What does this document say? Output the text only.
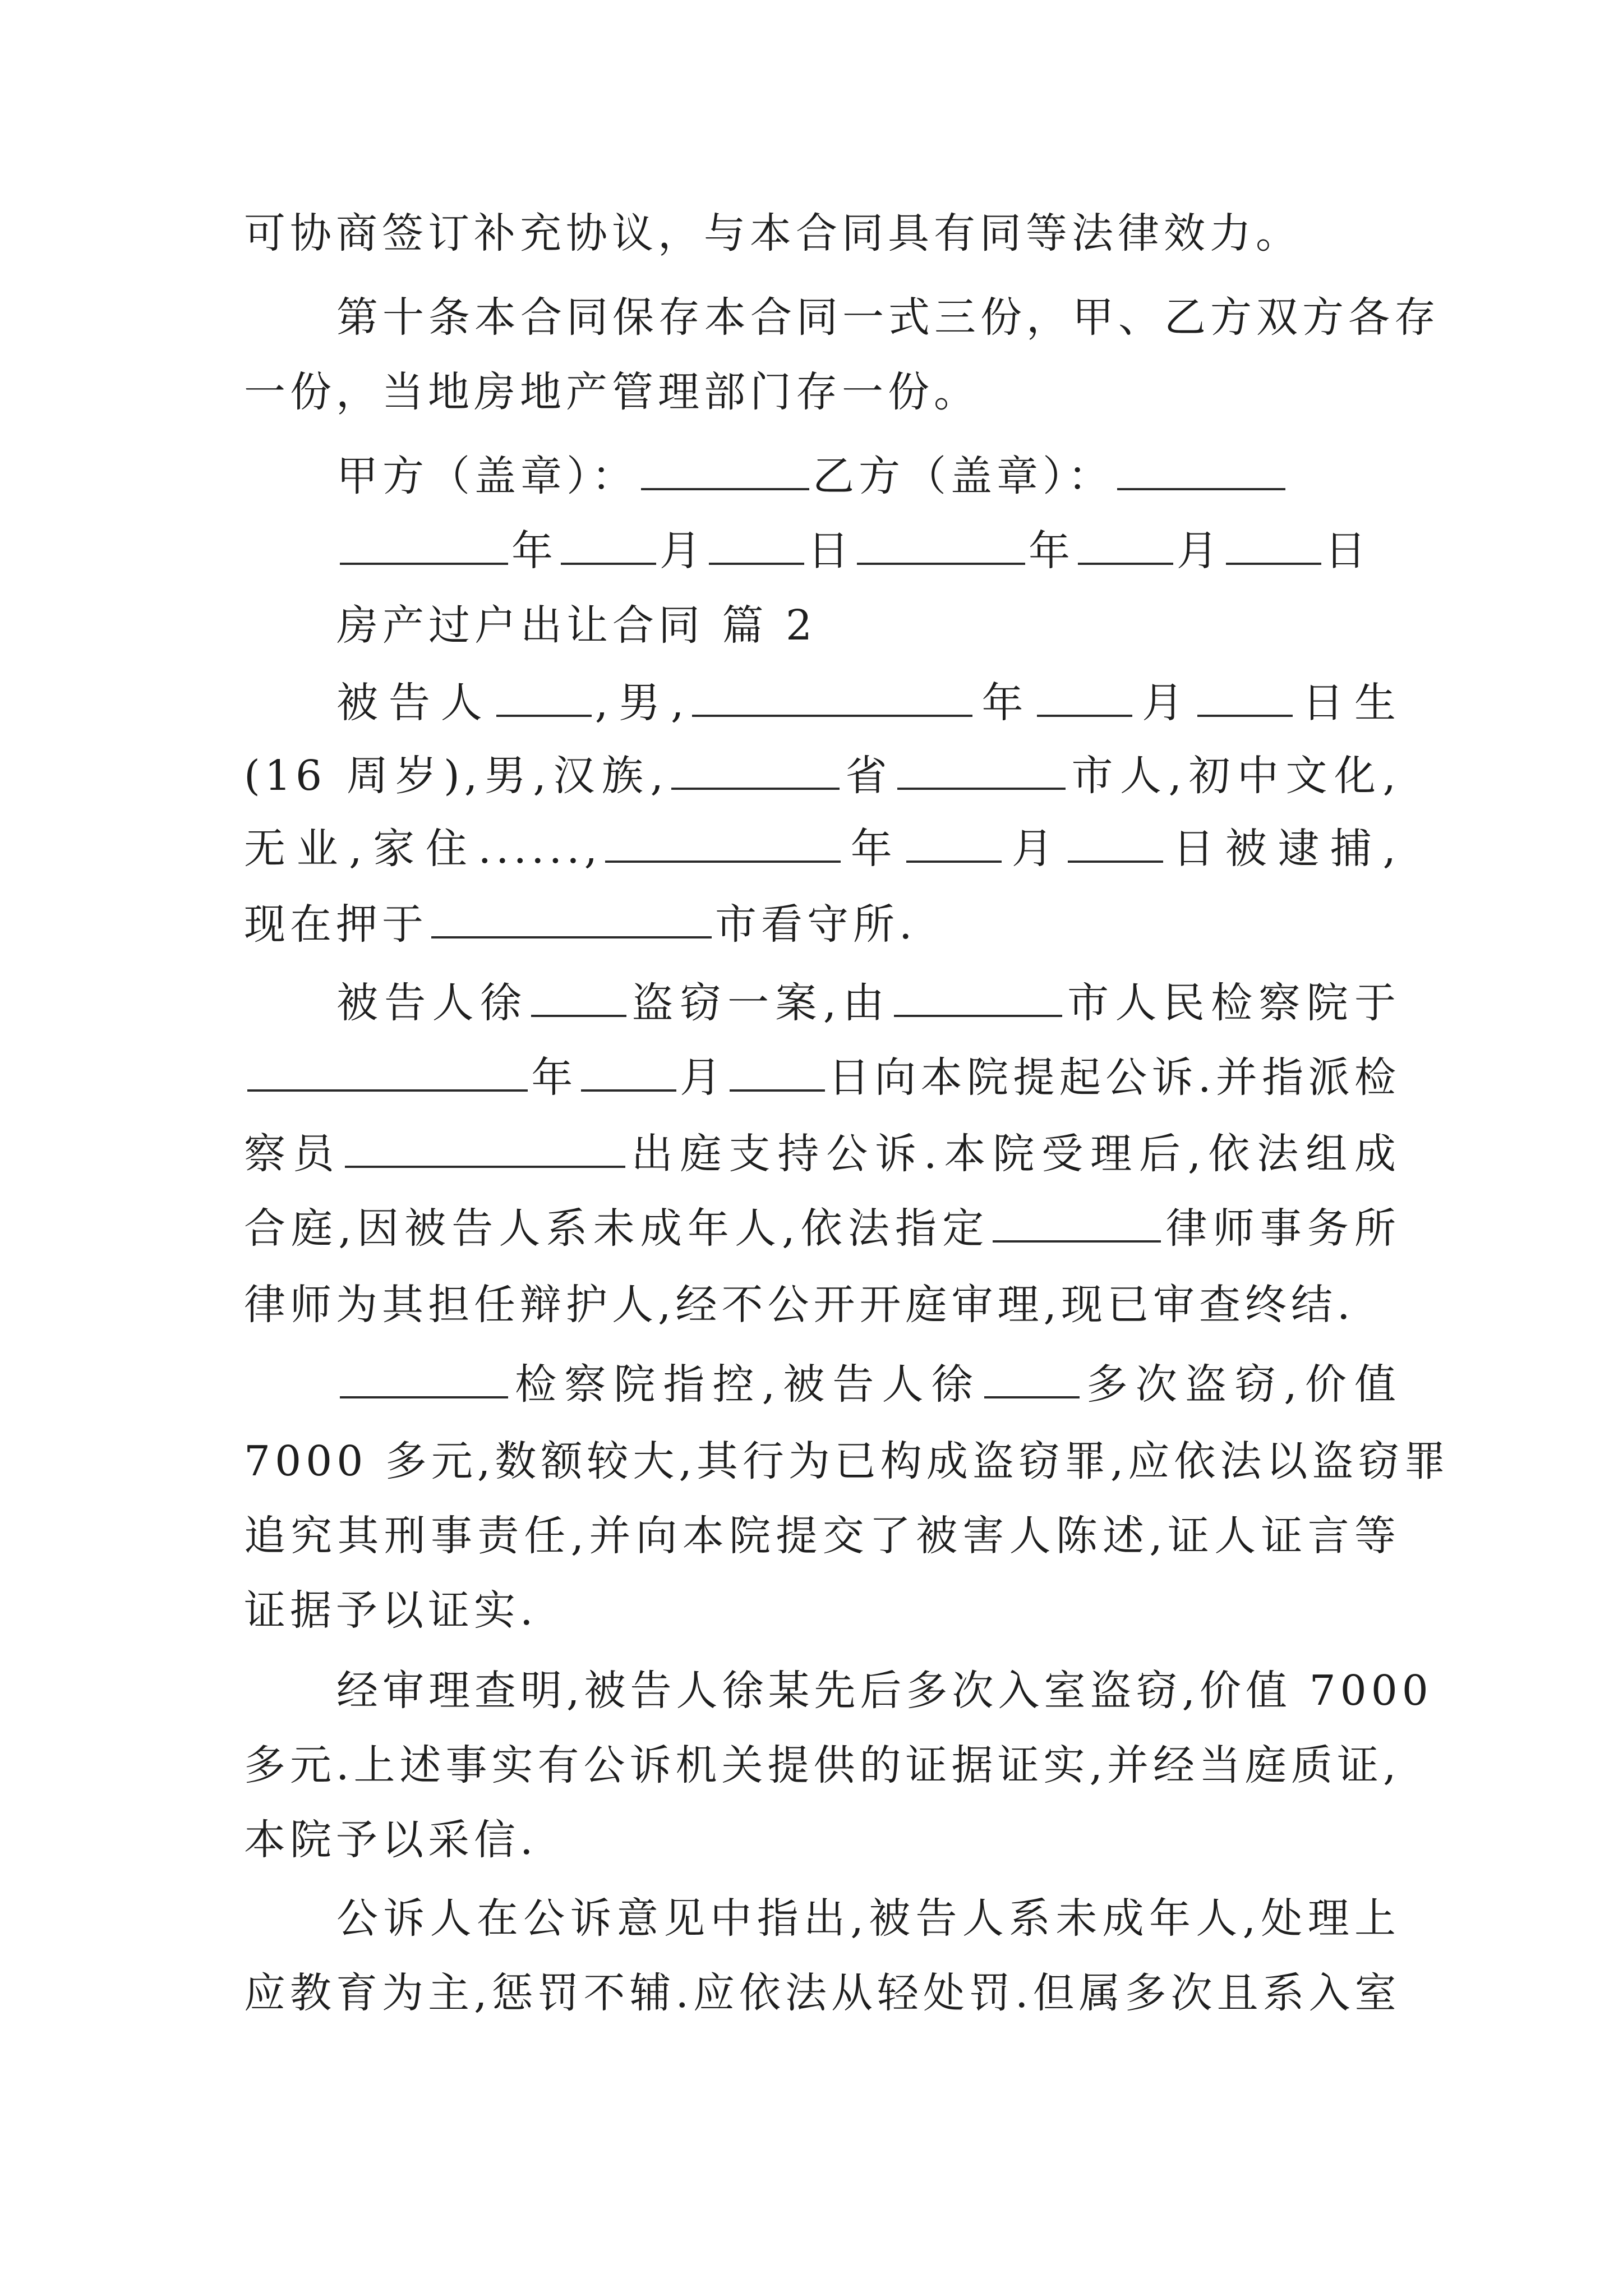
可协商签订补充协议，与本合同具有同等法律效力。
第十条本合同保存本合同一式三份，甲、乙方双方各存
一份，当地房地产管理部门存一份。
甲方（盖章）：	乙方（盖章）：
年 月 日	年 月 日
房产过户出让合同 篇 2
被告人 ,男,	年 月 日生
(16 周岁),男,汉族,	省	市人,初中文化,
无业,家住......,	年 月 日被逮捕,
现在押于	市看守所.
被告人徐 盗窃一案,由	市人民检察院于
年 月 日向本院提起公诉.并指派检
察员	出庭支持公诉.本院受理后,依法组成
合庭,因被告人系未成年人,依法指定	律师事务所
律师为其担任辩护人,经不公开开庭审理,现已审查终结.
检察院指控,被告人徐 多次盗窃,价值
7000 多元,数额较大,其行为已构成盗窃罪,应依法以盗窃罪
追究其刑事责任,并向本院提交了被害人陈述,证人证言等
证据予以证实.
经审理查明,被告人徐某先后多次入室盗窃,价值 7000
多元.上述事实有公诉机关提供的证据证实,并经当庭质证,
本院予以采信.
公诉人在公诉意见中指出,被告人系未成年人,处理上
应教育为主,惩罚不辅.应依法从轻处罚.但属多次且系入室
